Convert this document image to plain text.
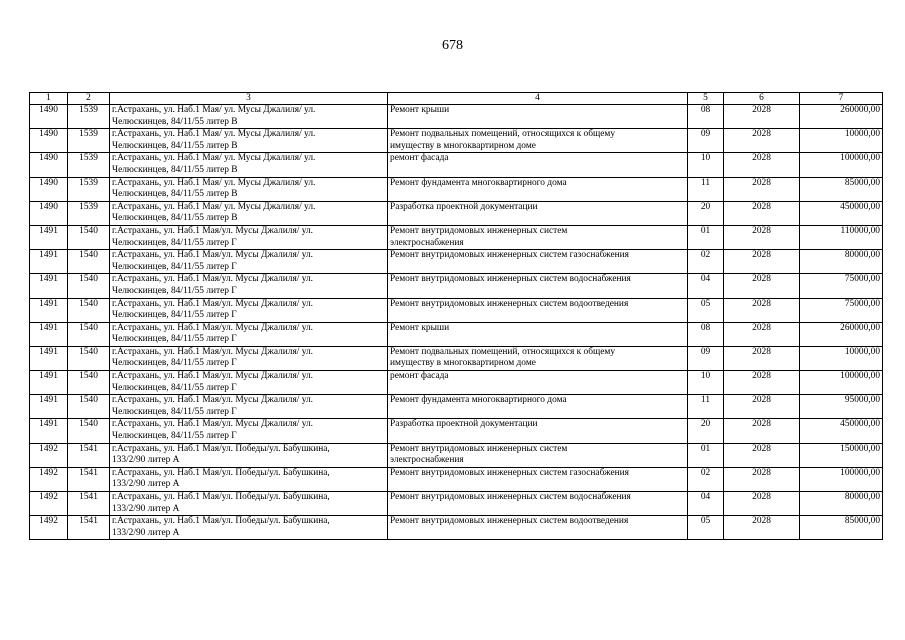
678
1	2	3	4	5	6	7
1490	1539	г.Астрахань, ул. Наб.1 Мая/ ул. Мусы Джалиля/ ул.
Челюскинцев, 84/11/55 литер В	Ремонт крыши	08	2028	260000,00
1490	1539	г.Астрахань, ул. Наб.1 Мая/ ул. Мусы Джалиля/ ул.
Челюскинцев, 84/11/55 литер В	Ремонт подвальных помещений, относящихся к общему
имуществу в многоквартирном доме	09	2028	10000,00
1490	1539	г.Астрахань, ул. Наб.1 Мая/ ул. Мусы Джалиля/ ул.
Челюскинцев, 84/11/55 литер В	ремонт фасада	10	2028	100000,00
1490	1539	г.Астрахань, ул. Наб.1 Мая/ ул. Мусы Джалиля/ ул.
Челюскинцев, 84/11/55 литер В	Ремонт фундамента многоквартирного дома	11	2028	85000,00
1490	1539	г.Астрахань, ул. Наб.1 Мая/ ул. Мусы Джалиля/ ул.
Челюскинцев, 84/11/55 литер В	Разработка проектной документации	20	2028	450000,00
1491	1540	г.Астрахань, ул. Наб.1 Мая/ул. Мусы Джалиля/ ул.
Челюскинцев, 84/11/55 литер Г	Ремонт внутридомовых инженерных систем
электроснабжения	01	2028	110000,00
1491	1540	г.Астрахань, ул. Наб.1 Мая/ул. Мусы Джалиля/ ул.
Челюскинцев, 84/11/55 литер Г	Ремонт внутридомовых инженерных систем газоснабжения	02	2028	80000,00
1491	1540	г.Астрахань, ул. Наб.1 Мая/ул. Мусы Джалиля/ ул.
Челюскинцев, 84/11/55 литер Г	Ремонт внутридомовых инженерных систем водоснабжения	04	2028	75000,00
1491	1540	г.Астрахань, ул. Наб.1 Мая/ул. Мусы Джалиля/ ул.
Челюскинцев, 84/11/55 литер Г	Ремонт внутридомовых инженерных систем водоотведения	05	2028	75000,00
1491	1540	г.Астрахань, ул. Наб.1 Мая/ул. Мусы Джалиля/ ул.
Челюскинцев, 84/11/55 литер Г	Ремонт крыши	08	2028	260000,00
1491	1540	г.Астрахань, ул. Наб.1 Мая/ул. Мусы Джалиля/ ул.
Челюскинцев, 84/11/55 литер Г	Ремонт подвальных помещений, относящихся к общему
имуществу в многоквартирном доме	09	2028	10000,00
1491	1540	г.Астрахань, ул. Наб.1 Мая/ул. Мусы Джалиля/ ул.
Челюскинцев, 84/11/55 литер Г	ремонт фасада	10	2028	100000,00
1491	1540	г.Астрахань, ул. Наб.1 Мая/ул. Мусы Джалиля/ ул.
Челюскинцев, 84/11/55 литер Г	Ремонт фундамента многоквартирного дома	11	2028	95000,00
1491	1540	г.Астрахань, ул. Наб.1 Мая/ул. Мусы Джалиля/ ул.
Челюскинцев, 84/11/55 литер Г	Разработка проектной документации	20	2028	450000,00
1492	1541	г.Астрахань, ул. Наб.1 Мая/ул. Победы/ул. Бабушкина,
133/2/90 литер А	Ремонт внутридомовых инженерных систем
электроснабжения	01	2028	150000,00
1492	1541	г.Астрахань, ул. Наб.1 Мая/ул. Победы/ул. Бабушкина,
133/2/90 литер А	Ремонт внутридомовых инженерных систем газоснабжения	02	2028	100000,00
1492	1541	г.Астрахань, ул. Наб.1 Мая/ул. Победы/ул. Бабушкина,
133/2/90 литер А	Ремонт внутридомовых инженерных систем водоснабжения	04	2028	80000,00
1492	1541	г.Астрахань, ул. Наб.1 Мая/ул. Победы/ул. Бабушкина,
133/2/90 литер А	Ремонт внутридомовых инженерных систем водоотведения	05	2028	85000,00
